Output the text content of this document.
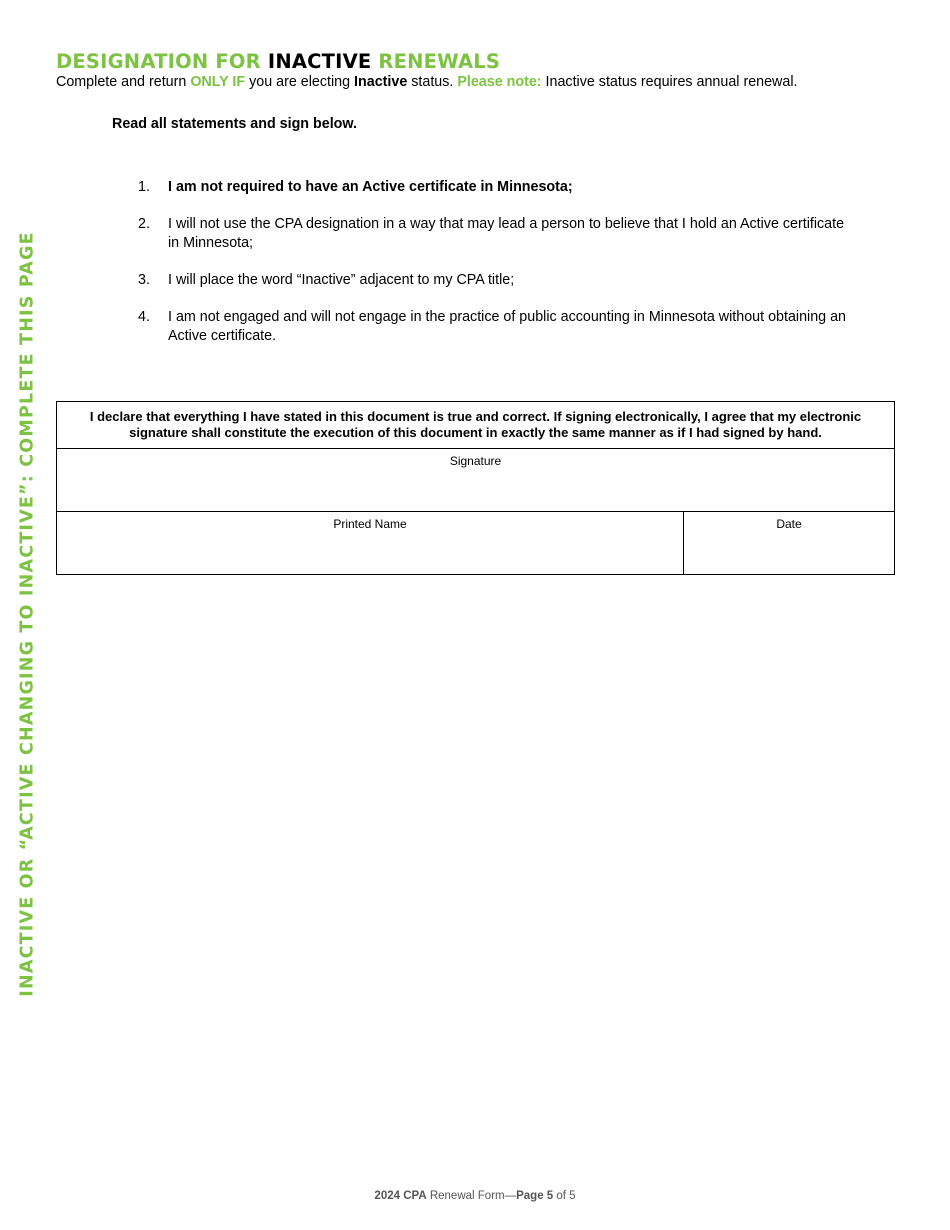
INACTIVE OR “ACTIVE CHANGING TO INACTIVE”: COMPLETE THIS PAGE
DESIGNATION FOR INACTIVE RENEWALS
Complete and return ONLY IF you are electing Inactive status. Please note: Inactive status requires annual renewal.
Read all statements and sign below.
1.	I am not required to have an Active certificate in Minnesota;
2.	I will not use the CPA designation in a way that may lead a person to believe that I hold an Active certificate in Minnesota;
3.	I will place the word “Inactive” adjacent to my CPA title;
4.	I am not engaged and will not engage in the practice of public accounting in Minnesota without obtaining an Active certificate.
I declare that everything I have stated in this document is true and correct. If signing electronically, I agree that my electronic signature shall constitute the execution of this document in exactly the same manner as if I had signed by hand.
Signature
Printed Name	Date
2024 CPA Renewal Form—Page 5 of 5
